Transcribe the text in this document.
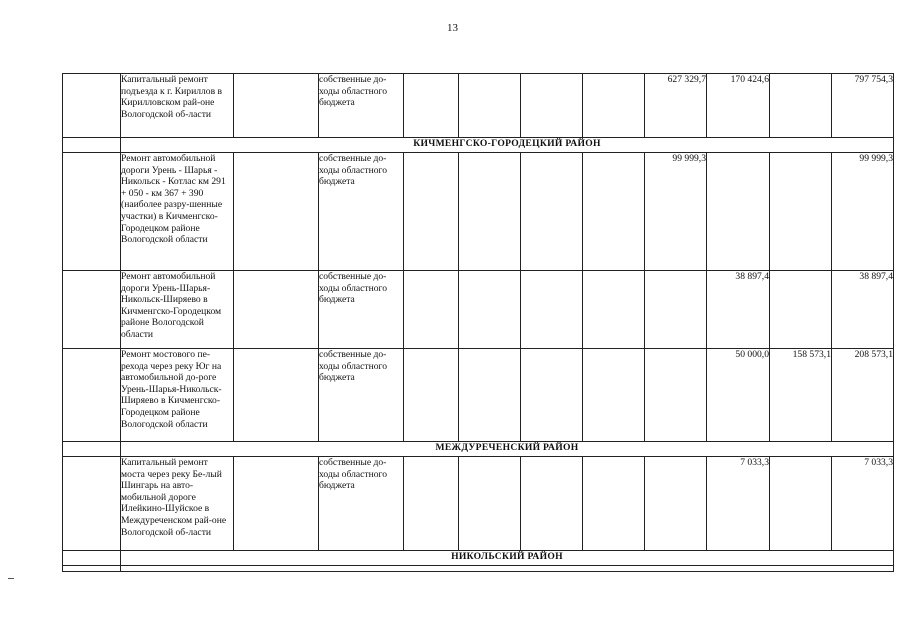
13
	Капитальный ремонт подъезда к г. Кириллов в Кирилловском рай-оне Вологодской об-ласти		собственные до-ходы областного бюджета					627 329,7	170 424,6		797 754,3
	КИЧМЕНГСКО-ГОРОДЕЦКИЙ РАЙОН										
	Ремонт автомобильной дороги Урень - Шарья - Никольск - Котлас км 291 + 050 - км 367 + 390 (наиболее разру-шенные участки) в Кичменгско-Городецком районе Вологодской области		собственные до-ходы областного бюджета					99 999,3			99 999,3
	Ремонт автомобильной дороги Урень-Шарья-Никольск-Ширяево в Кичменгско-Городецком районе Вологодской области		собственные до-ходы областного бюджета						38 897,4		38 897,4
	Ремонт мостового пе-рехода через реку Юг на автомобильной до-роге Урень-Шарья-Никольск-Ширяево в Кичменгско-Городецком районе Вологодской области		собственные до-ходы областного бюджета						50 000,0	158 573,1	208 573,1
	МЕЖДУРЕЧЕНСКИЙ РАЙОН										
	Капитальный ремонт моста через реку Бе-лый Шингарь на авто-мобильной дороге Илейкино-Шуйское в Междуреченском рай-оне Вологодской об-ласти		собственные до-ходы областного бюджета						7 033,3		7 033,3
	НИКОЛЬСКИЙ РАЙОН										
